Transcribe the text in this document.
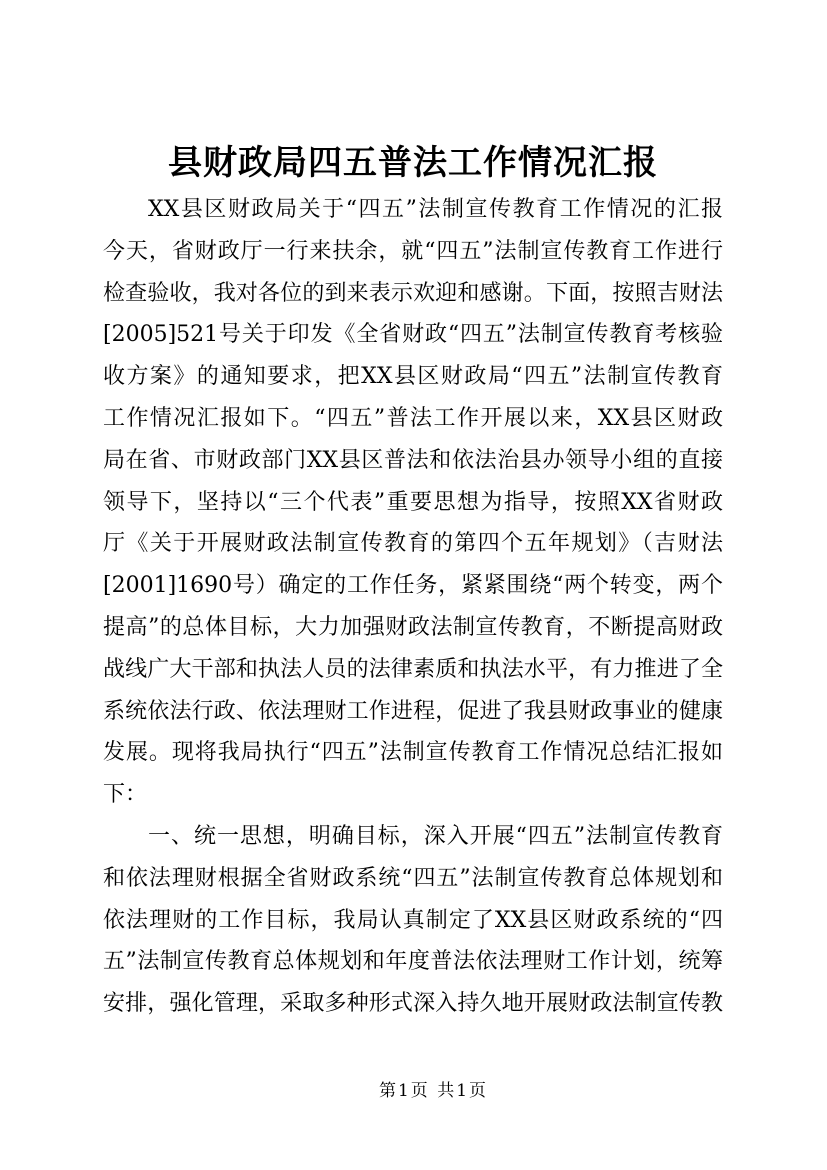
县财政局四五普法工作情况汇报
XX县区财政局关于“四五”法制宣传教育工作情况的汇报
今天，省财政厅一行来扶余，就“四五”法制宣传教育工作进行
检查验收，我对各位的到来表示欢迎和感谢。下面，按照吉财法
[2005]521号关于印发《全省财政“四五”法制宣传教育考核验
收方案》的通知要求，把XX县区财政局“四五”法制宣传教育
工作情况汇报如下。“四五”普法工作开展以来，XX县区财政
局在省、市财政部门XX县区普法和依法治县办领导小组的直接
领导下，坚持以“三个代表”重要思想为指导，按照XX省财政
厅《关于开展财政法制宣传教育的第四个五年规划》（吉财法
[2001]1690号）确定的工作任务，紧紧围绕“两个转变，两个
提高”的总体目标，大力加强财政法制宣传教育，不断提高财政
战线广大干部和执法人员的法律素质和执法水平，有力推进了全
系统依法行政、依法理财工作进程，促进了我县财政事业的健康
发展。现将我局执行“四五”法制宣传教育工作情况总结汇报如
下：
一、统一思想，明确目标，深入开展“四五”法制宣传教育
和依法理财根据全省财政系统“四五”法制宣传教育总体规划和
依法理财的工作目标，我局认真制定了XX县区财政系统的“四
五”法制宣传教育总体规划和年度普法依法理财工作计划，统筹
安排，强化管理，采取多种形式深入持久地开展财政法制宣传教
第1页 共1页
